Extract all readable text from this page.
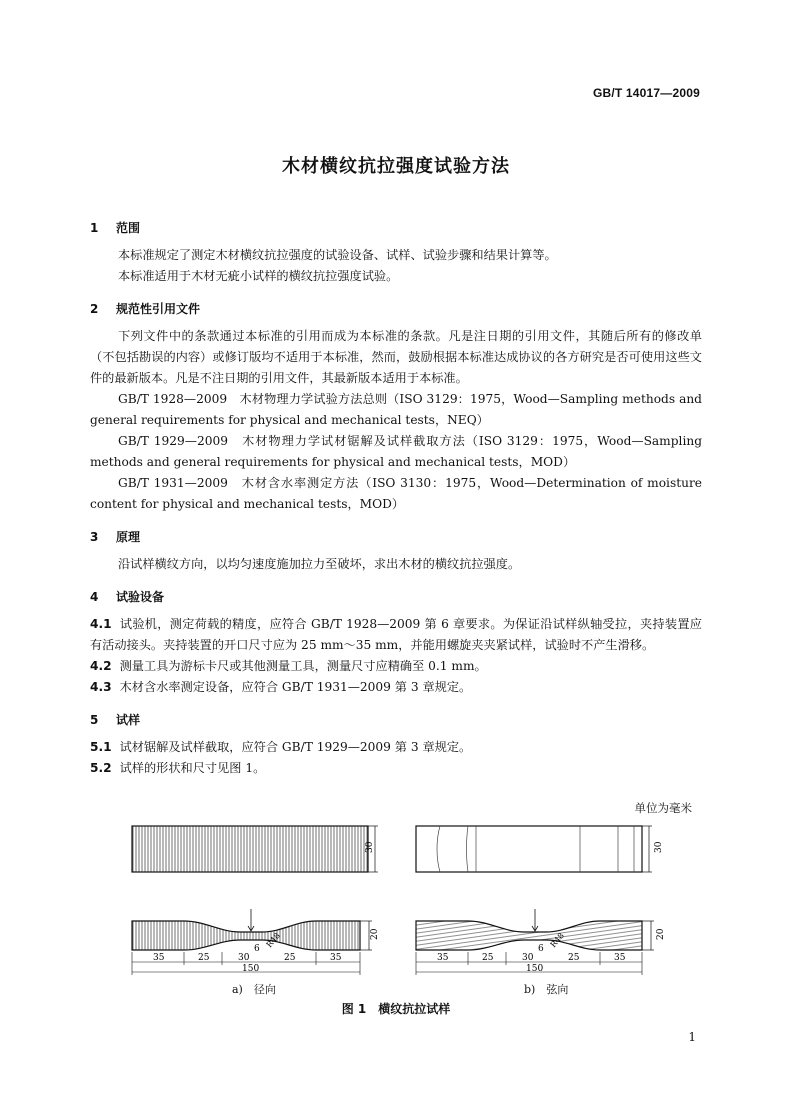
GB/T 14017—2009
木材横纹抗拉强度试验方法
1 范围

本标准规定了测定木材横纹抗拉强度的试验设备、试样、试验步骤和结果计算等。

本标准适用于木材无疵小试样的横纹抗拉强度试验。

2 规范性引用文件

下列文件中的条款通过本标准的引用而成为本标准的条款。凡是注日期的引用文件，其随后所有的修改单（不包括勘误的内容）或修订版均不适用于本标准，然而，鼓励根据本标准达成协议的各方研究是否可使用这些文件的最新版本。凡是不注日期的引用文件，其最新版本适用于本标准。

GB/T 1928—2009　木材物理力学试验方法总则（ISO 3129：1975，Wood—Sampling methods and general requirements for physical and mechanical tests，NEQ）

GB/T 1929—2009　木材物理力学试材锯解及试样截取方法（ISO 3129：1975，Wood—Sampling methods and general requirements for physical and mechanical tests，MOD）

GB/T 1931—2009　木材含水率测定方法（ISO 3130：1975，Wood—Determination of moisture content for physical and mechanical tests，MOD）

3 原理

沿试样横纹方向，以均匀速度施加拉力至破坏，求出木材的横纹抗拉强度。

4 试验设备

4.1 试验机，测定荷载的精度，应符合 GB/T 1928—2009 第 6 章要求。为保证沿试样纵轴受拉，夹持装置应有活动接头。夹持装置的开口尺寸应为 25 mm～35 mm，并能用螺旋夹夹紧试样，试验时不产生滑移。

4.2 测量工具为游标卡尺或其他测量工具，测量尺寸应精确至 0.1 mm。

4.3 木材含水率测定设备，应符合 GB/T 1931—2009 第 3 章规定。

5 试样

5.1 试材锯解及试样截取，应符合 GB/T 1929—2009 第 3 章规定。

5.2 试样的形状和尺寸见图 1。

单位为毫米
30	30
20
35	25	30
6 R48
25	35
150
20
35	25	30
6 R48
25	35
150
a)　径向	b)　弦向
图 1　横纹抗拉试样
1
